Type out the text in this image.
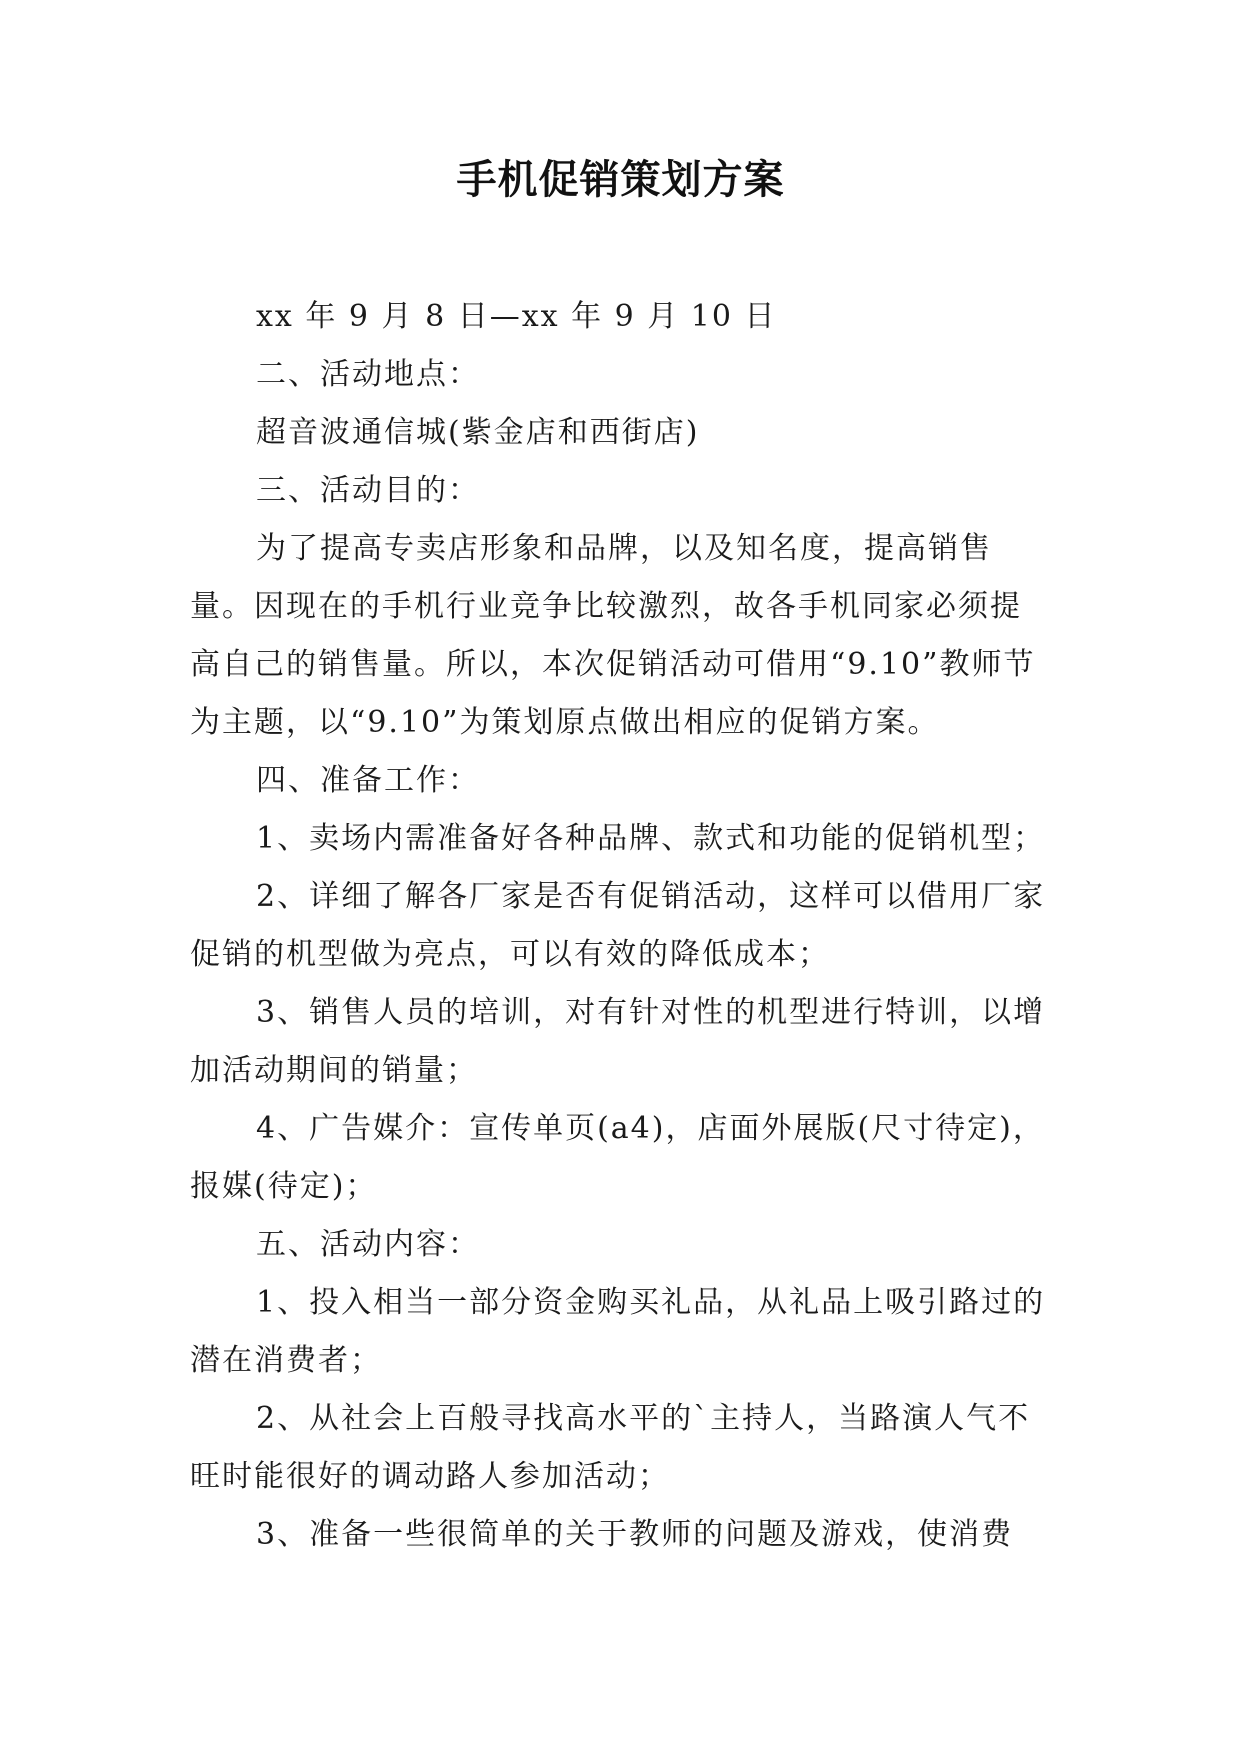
手机促销策划方案

xx 年 9 月 8 日—xx 年 9 月 10 日

二、活动地点：

超音波通信城(紫金店和西街店)

三、活动目的：

为了提高专卖店形象和品牌，以及知名度，提高销售量。因现在的手机行业竞争比较激烈，故各手机同家必须提高自己的销售量。所以，本次促销活动可借用“9.10”教师节为主题，以“9.10”为策划原点做出相应的促销方案。

四、准备工作：

1、卖场内需准备好各种品牌、款式和功能的促销机型；

2、详细了解各厂家是否有促销活动，这样可以借用厂家促销的机型做为亮点，可以有效的降低成本；

3、销售人员的培训，对有针对性的机型进行特训，以增加活动期间的销量；

4、广告媒介：宣传单页(a4)，店面外展版(尺寸待定)，报媒(待定)；

五、活动内容：

1、投入相当一部分资金购买礼品，从礼品上吸引路过的潜在消费者；

2、从社会上百般寻找高水平的`主持人，当路演人气不旺时能很好的调动路人参加活动；

3、准备一些很简单的关于教师的问题及游戏，使消费
